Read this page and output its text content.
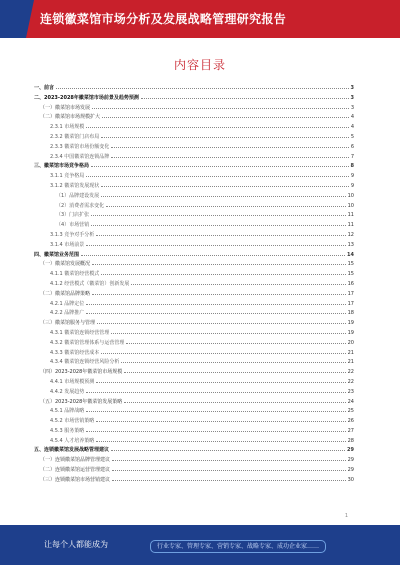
连锁徽菜馆市场分析及发展战略管理研究报告
内容目录
一、前言	3
二、2023-2028年徽菜馆市场前景及趋势预测	3
（一）徽菜馆市场发展	3
（二）徽菜馆市场规模扩大	4
2.3.1 市场规模	4
2.3.2 徽菜馆门店布局	5
2.3.3 徽菜馆市场份额变化	6
2.3.4 中国徽菜馆连锁品牌	7
三、徽菜馆市场竞争格局	8
3.1.1 竞争格局	9
3.1.2 徽菜馆发展现状	9
（1）品牌建设发展	10
（2）消费者需求变化	10
（3）门店扩张	11
（4）市场营销	11
3.1.3 竞争对手分析	12
3.1.4 市场前景	13
四、徽菜馆业务范围	14
（一）徽菜馆发展概况	15
4.1.1 徽菜馆经营模式	15
4.1.2 经营模式（徽菜馆）创新发展	16
（二）徽菜馆品牌策略	17
4.2.1 品牌定位	17
4.2.2 品牌推广	18
（三）徽菜馆服务与管理	19
4.3.1 徽菜馆连锁经营管理	19
4.3.2 徽菜馆管理体系与运营管理	20
4.3.3 徽菜馆经营成本	21
4.3.4 徽菜馆连锁经营风险分析	21
（四）2023-2028年徽菜馆市场规模	22
4.4.1 市场规模预测	22
4.4.2 发展趋势	23
（五）2023-2028年徽菜馆发展策略	24
4.5.1 品牌战略	25
4.5.2 市场营销策略	26
4.5.3 服务策略	27
4.5.4 人才培养策略	28
五、连锁徽菜馆发展战略管理建议	29
（一）连锁徽菜馆品牌管理建议	29
（二）连锁徽菜馆运营管理建议	29
（三）连锁徽菜馆市场营销建议	30
1
让每个人都能成为	行业专家、管理专家、营销专家、战略专家、成功企业家……
